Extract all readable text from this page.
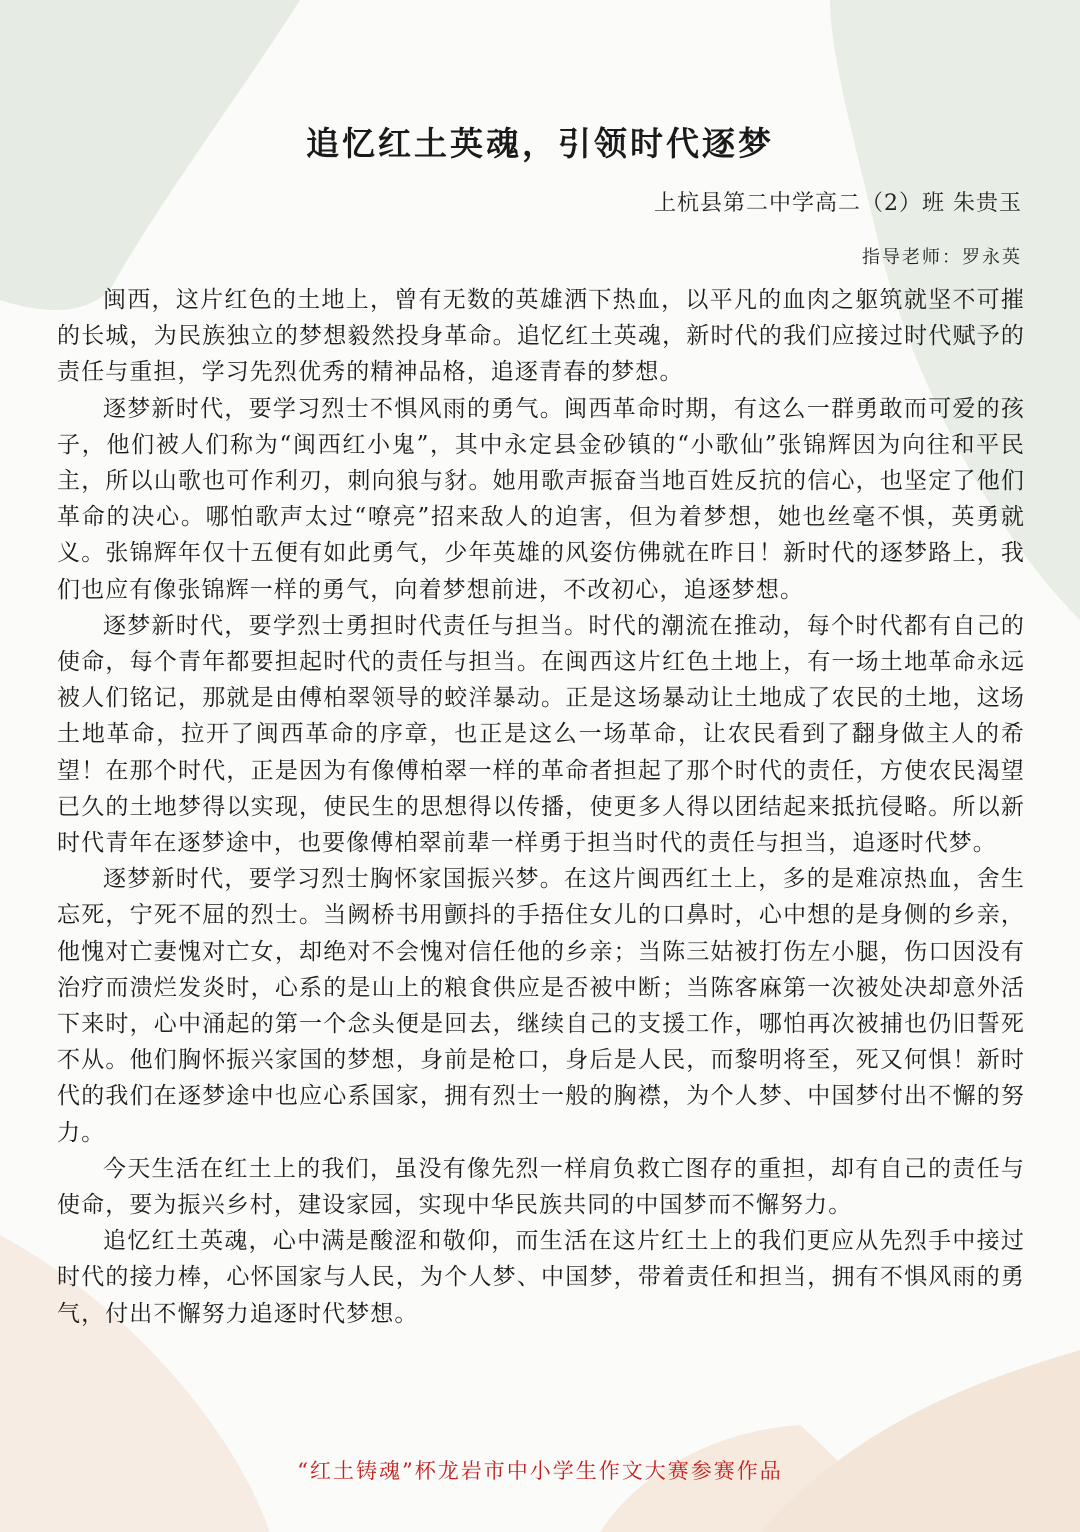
追忆红土英魂，引领时代逐梦
上杭县第二中学高二（2）班 朱贵玉
指导老师：罗永英

闽西，这片红色的土地上，曾有无数的英雄洒下热血，以平凡的血肉之躯筑就坚不可摧的长城，为民族独立的梦想毅然投身革命。追忆红土英魂，新时代的我们应接过时代赋予的责任与重担，学习先烈优秀的精神品格，追逐青春的梦想。

逐梦新时代，要学习烈士不惧风雨的勇气。闽西革命时期，有这么一群勇敢而可爱的孩子，他们被人们称为“闽西红小鬼”，其中永定县金砂镇的“小歌仙”张锦辉因为向往和平民主，所以山歌也可作利刃，刺向狼与豺。她用歌声振奋当地百姓反抗的信心，也坚定了他们革命的决心。哪怕歌声太过“嘹亮”招来敌人的迫害，但为着梦想，她也丝毫不惧，英勇就义。张锦辉年仅十五便有如此勇气，少年英雄的风姿仿佛就在昨日！新时代的逐梦路上，我们也应有像张锦辉一样的勇气，向着梦想前进，不改初心，追逐梦想。

逐梦新时代，要学烈士勇担时代责任与担当。时代的潮流在推动，每个时代都有自己的使命，每个青年都要担起时代的责任与担当。在闽西这片红色土地上，有一场土地革命永远被人们铭记，那就是由傅柏翠领导的蛟洋暴动。正是这场暴动让土地成了农民的土地，这场土地革命，拉开了闽西革命的序章，也正是这么一场革命，让农民看到了翻身做主人的希望！在那个时代，正是因为有像傅柏翠一样的革命者担起了那个时代的责任，方使农民渴望已久的土地梦得以实现，使民生的思想得以传播，使更多人得以团结起来抵抗侵略。所以新时代青年在逐梦途中，也要像傅柏翠前辈一样勇于担当时代的责任与担当，追逐时代梦。

逐梦新时代，要学习烈士胸怀家国振兴梦。在这片闽西红土上，多的是难凉热血，舍生忘死，宁死不屈的烈士。当阙桥书用颤抖的手捂住女儿的口鼻时，心中想的是身侧的乡亲，他愧对亡妻愧对亡女，却绝对不会愧对信任他的乡亲；当陈三姑被打伤左小腿，伤口因没有治疗而溃烂发炎时，心系的是山上的粮食供应是否被中断；当陈客麻第一次被处决却意外活下来时，心中涌起的第一个念头便是回去，继续自己的支援工作，哪怕再次被捕也仍旧誓死不从。他们胸怀振兴家国的梦想，身前是枪口，身后是人民，而黎明将至，死又何惧！新时代的我们在逐梦途中也应心系国家，拥有烈士一般的胸襟，为个人梦、中国梦付出不懈的努力。

今天生活在红土上的我们，虽没有像先烈一样肩负救亡图存的重担，却有自己的责任与使命，要为振兴乡村，建设家园，实现中华民族共同的中国梦而不懈努力。

追忆红土英魂，心中满是酸涩和敬仰，而生活在这片红土上的我们更应从先烈手中接过时代的接力棒，心怀国家与人民，为个人梦、中国梦，带着责任和担当，拥有不惧风雨的勇气，付出不懈努力追逐时代梦想。

“红土铸魂”杯龙岩市中小学生作文大赛参赛作品
